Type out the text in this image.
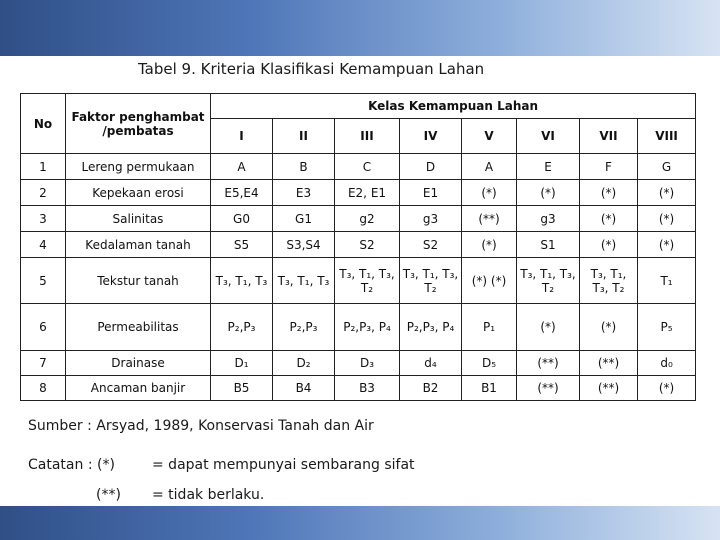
Tabel 9. Kriteria Klasifikasi Kemampuan Lahan
No	Faktor penghambat /pembatas	Kelas Kemampuan Lahan							
		I	II	III	IV	V	VI	VII	VIII
1	Lereng permukaan	A	B	C	D	A	E	F	G
2	Kepekaan erosi	E5,E4	E3	E2, E1	E1	(*)	(*)	(*)	(*)
3	Salinitas	G0	G1	g2	g3	(**)	g3	(*)	(*)
4	Kedalaman tanah	S5	S3,S4	S2	S2	(*)	S1	(*)	(*)
5	Tekstur tanah	T₃, T₁, T₃	T₃, T₁, T₃	T₃, T₁, T₃, T₂	T₃, T₁, T₃, T₂	(*) (*)	T₃, T₁, T₃, T₂	T₃, T₁, T₃, T₂	T₁
6	Permeabilitas	P₂,P₃	P₂,P₃	P₂,P₃, P₄	P₂,P₃, P₄	P₁	(*)	(*)	P₅
7	Drainase	D₁	D₂	D₃	d₄	D₅	(**)	(**)	d₀
8	Ancaman banjir	B5	B4	B3	B2	B1	(**)	(**)	(*)
Sumber : Arsyad, 1989, Konservasi Tanah dan Air
Catatan : (*)	= dapat mempunyai sembarang sifat
(**) = tidak berlaku.
